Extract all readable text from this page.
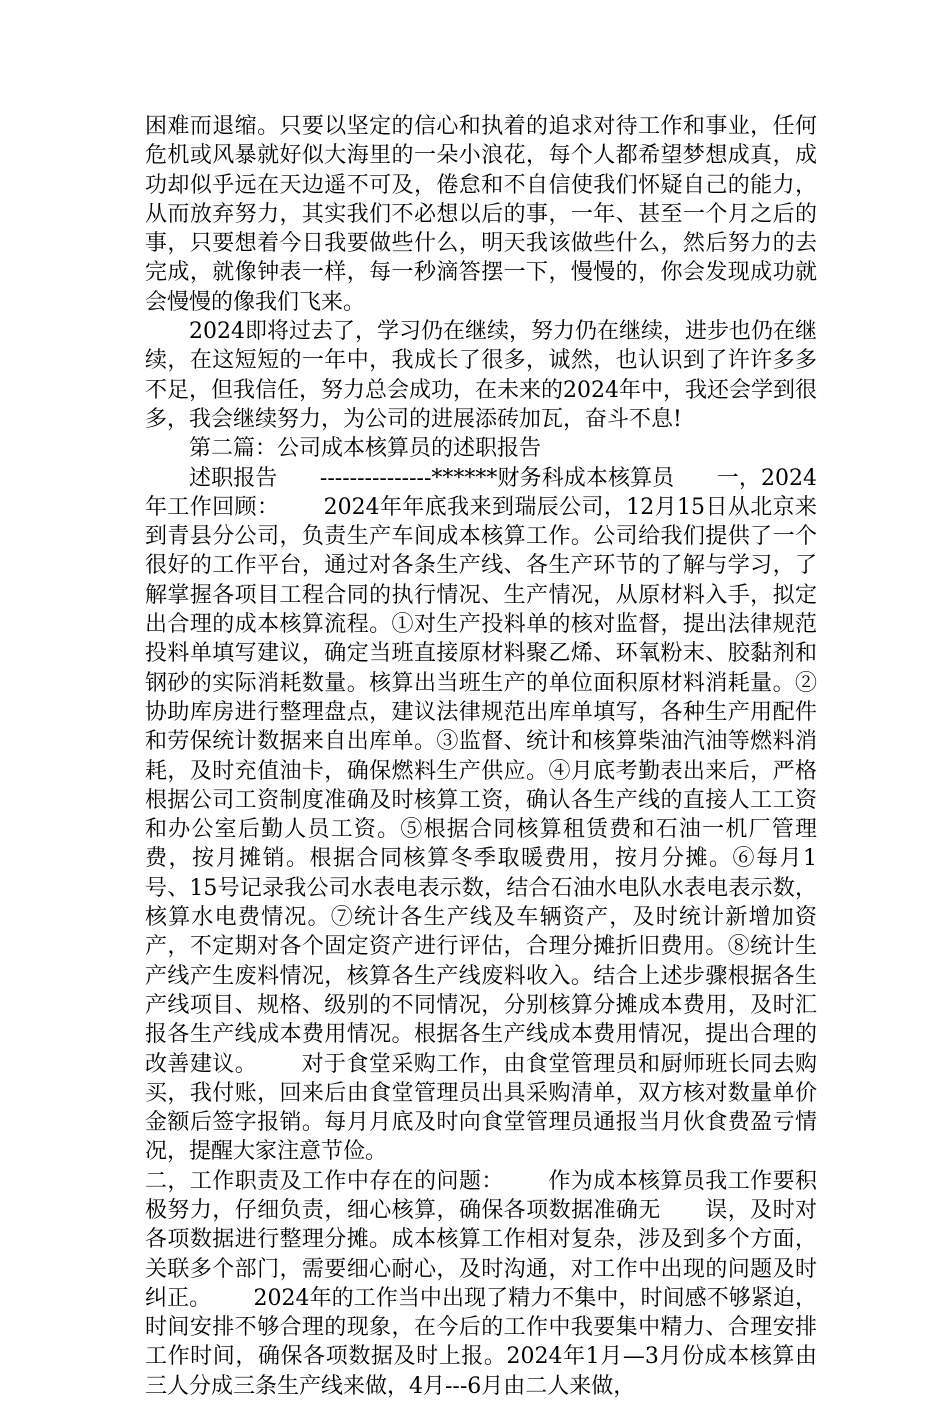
困难而退缩。只要以坚定的信心和执着的追求对待工作和事业，任何危机或风暴就好似大海里的一朵小浪花，每个人都希望梦想成真，成功却似乎远在天边遥不可及，倦怠和不自信使我们怀疑自己的能力，从而放弃努力，其实我们不必想以后的事，一年、甚至一个月之后的事，只要想着今日我要做些什么，明天我该做些什么，然后努力的去完成，就像钟表一样，每一秒滴答摆一下，慢慢的，你会发现成功就会慢慢的像我们飞来。

2024即将过去了，学习仍在继续，努力仍在继续，进步也仍在继续，在这短短的一年中，我成长了很多，诚然，也认识到了许许多多不足，但我信任，努力总会成功，在未来的2024年中，我还会学到很多，我会继续努力，为公司的进展添砖加瓦，奋斗不息!

第二篇：公司成本核算员的述职报告

述职报告      ---------------******财务科成本核算员      一，2024年工作回顾：      2024年年底我来到瑞辰公司，12月15日从北京来到青县分公司，负责生产车间成本核算工作。公司给我们提供了一个很好的工作平台，通过对各条生产线、各生产环节的了解与学习，了解掌握各项目工程合同的执行情况、生产情况，从原材料入手，拟定出合理的成本核算流程。①对生产投料单的核对监督，提出法律规范投料单填写建议，确定当班直接原材料聚乙烯、环氧粉末、胶黏剂和钢砂的实际消耗数量。核算出当班生产的单位面积原材料消耗量。②协助库房进行整理盘点，建议法律规范出库单填写，各种生产用配件和劳保统计数据来自出库单。③监督、统计和核算柴油汽油等燃料消耗，及时充值油卡，确保燃料生产供应。④月底考勤表出来后，严格根据公司工资制度准确及时核算工资，确认各生产线的直接人工工资和办公室后勤人员工资。⑤根据合同核算租赁费和石油一机厂管理费，按月摊销。根据合同核算冬季取暖费用，按月分摊。⑥每月1号、15号记录我公司水表电表示数，结合石油水电队水表电表示数，核算水电费情况。⑦统计各生产线及车辆资产，及时统计新增加资产，不定期对各个固定资产进行评估，合理分摊折旧费用。⑧统计生产线产生废料情况，核算各生产线废料收入。结合上述步骤根据各生产线项目、规格、级别的不同情况，分别核算分摊成本费用，及时汇报各生产线成本费用情况。根据各生产线成本费用情况，提出合理的改善建议。      对于食堂采购工作，由食堂管理员和厨师班长同去购买，我付账，回来后由食堂管理员出具采购清单，双方核对数量单价金额后签字报销。每月月底及时向食堂管理员通报当月伙食费盈亏情况，提醒大家注意节俭。

二，工作职责及工作中存在的问题：      作为成本核算员我工作要积极努力，仔细负责，细心核算，确保各项数据准确无      误，及时对各项数据进行整理分摊。成本核算工作相对复杂，涉及到多个方面，关联多个部门，需要细心耐心，及时沟通，对工作中出现的问题及时纠正。      2024年的工作当中出现了精力不集中，时间感不够紧迫，时间安排不够合理的现象，在今后的工作中我要集中精力、合理安排工作时间，确保各项数据及时上报。2024年1月—3月份成本核算由三人分成三条生产线来做，4月---6月由二人来做，
